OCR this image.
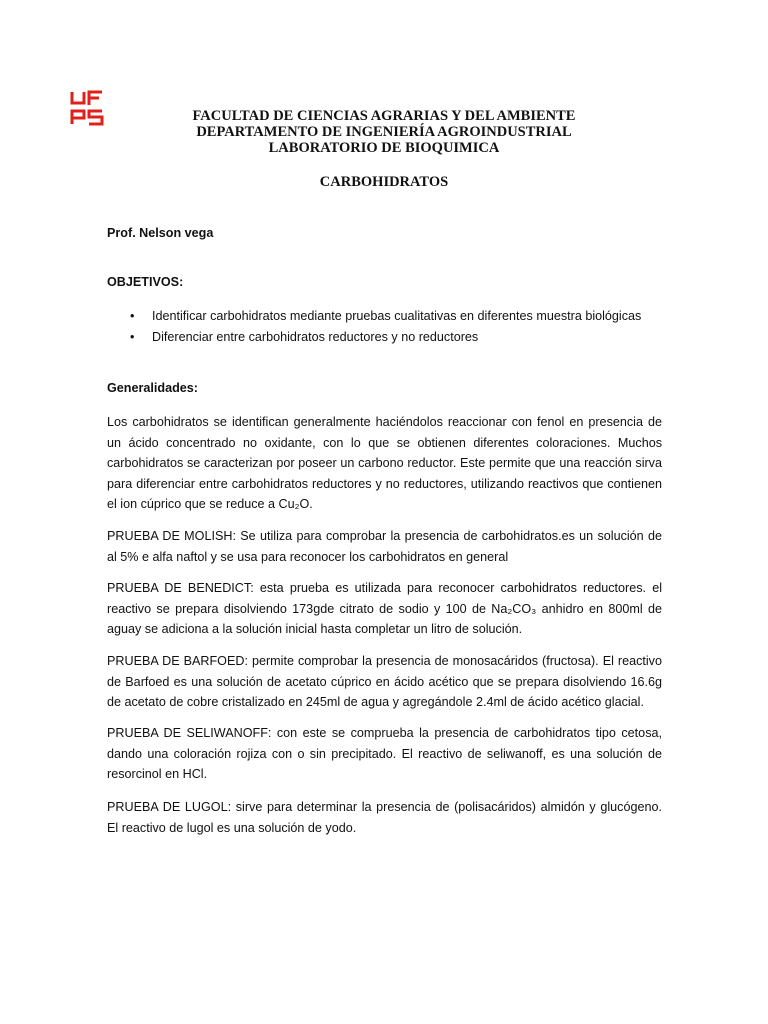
FACULTAD DE CIENCIAS AGRARIAS Y DEL AMBIENTE
DEPARTAMENTO DE INGENIERÍA AGROINDUSTRIAL
LABORATORIO DE BIOQUIMICA
CARBOHIDRATOS
Prof. Nelson vega
OBJETIVOS:
• Identificar carbohidratos mediante pruebas cualitativas en diferentes muestra biológicas
• Diferenciar entre carbohidratos reductores y no reductores
Generalidades:

Los carbohidratos se identifican generalmente haciéndolos reaccionar con fenol en presencia de un ácido concentrado no oxidante, con lo que se obtienen diferentes coloraciones. Muchos carbohidratos se caracterizan por poseer un carbono reductor. Este permite que una reacción sirva para diferenciar entre carbohidratos reductores y no reductores, utilizando reactivos que contienen el ion cúprico que se reduce a Cu₂O.

PRUEBA DE MOLISH: Se utiliza para comprobar la presencia de carbohidratos.es un solución de al 5% e alfa naftol y se usa para reconocer los carbohidratos en general

PRUEBA DE BENEDICT: esta prueba es utilizada para reconocer carbohidratos reductores. el reactivo se prepara disolviendo 173gde citrato de sodio y 100 de Na₂CO₃ anhidro en 800ml de aguay se adiciona a la solución inicial hasta completar un litro de solución.

PRUEBA DE BARFOED: permite comprobar la presencia de monosacáridos (fructosa). El reactivo de Barfoed es una solución de acetato cúprico en ácido acético que se prepara disolviendo 16.6g de acetato de cobre cristalizado en 245ml de agua y agregándole 2.4ml de ácido acético glacial.

PRUEBA DE SELIWANOFF: con este se comprueba la presencia de carbohidratos tipo cetosa, dando una coloración rojiza con o sin precipitado. El reactivo de seliwanoff, es una solución de resorcinol en HCl.

PRUEBA DE LUGOL: sirve para determinar la presencia de (polisacáridos) almidón y glucógeno. El reactivo de lugol es una solución de yodo.
